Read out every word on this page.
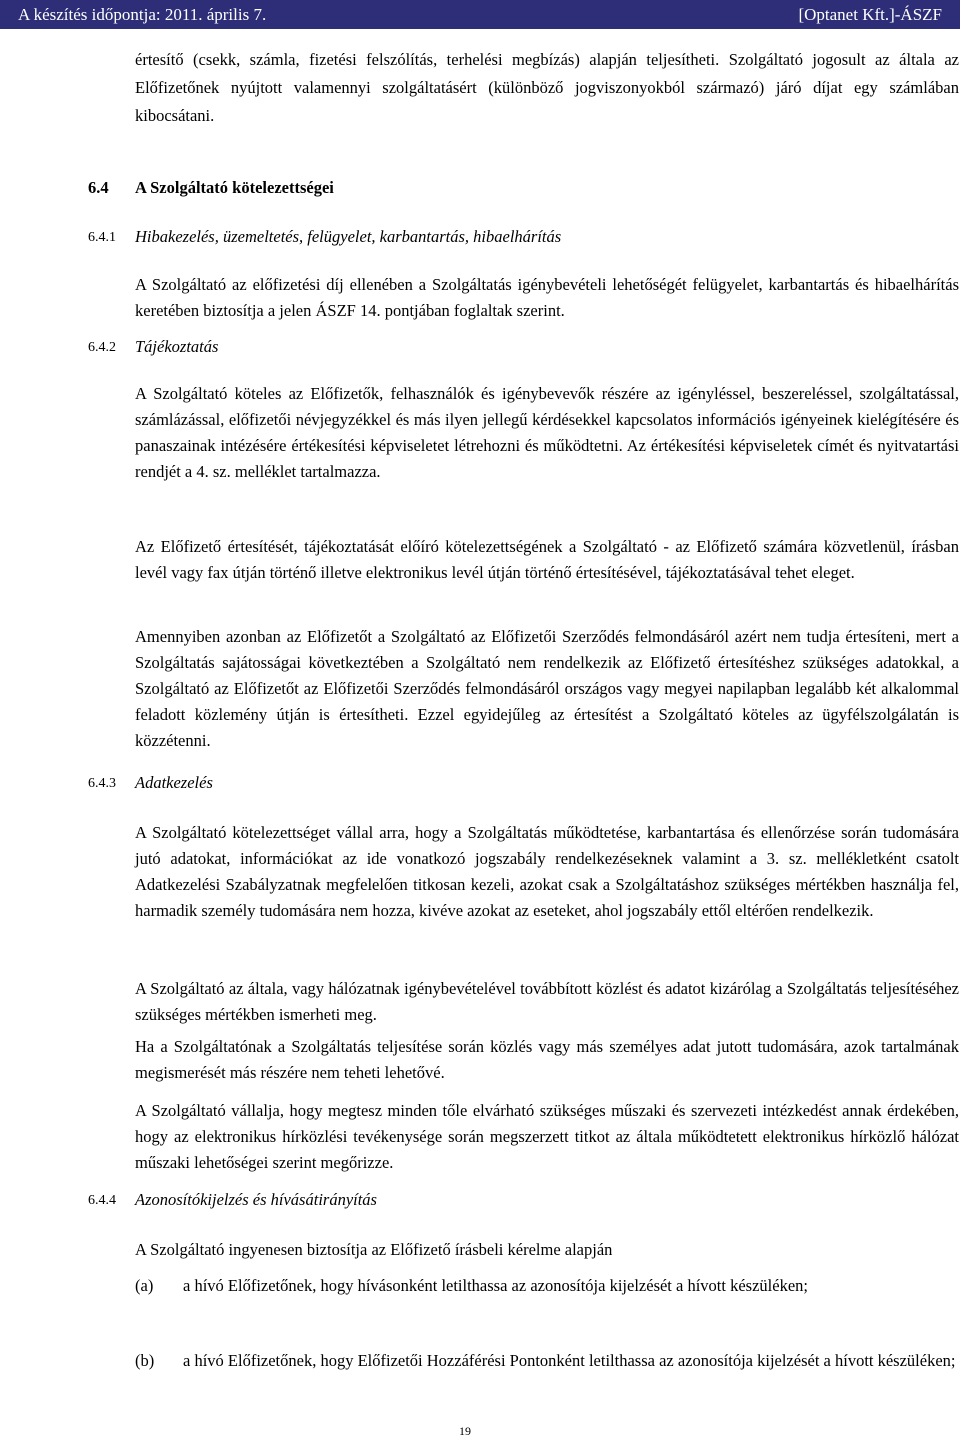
A készítés időpontja: 2011. április 7.	[Optanet Kft.]-ÁSZF

értesítő (csekk, számla, fizetési felszólítás, terhelési megbízás) alapján teljesítheti. Szolgáltató jogosult az általa az Előfizetőnek nyújtott valamennyi szolgáltatásért (különböző jogviszonyokból származó) járó díjat egy számlában kibocsátani.

6.4 A Szolgáltató kötelezettségei

6.4.1 Hibakezelés, üzemeltetés, felügyelet, karbantartás, hibaelhárítás

A Szolgáltató az előfizetési díj ellenében a Szolgáltatás igénybevételi lehetőségét felügyelet, karbantartás és hibaelhárítás keretében biztosítja a jelen ÁSZF 14. pontjában foglaltak szerint.

6.4.2 Tájékoztatás

A Szolgáltató köteles az Előfizetők, felhasználók és igénybevevők részére az igényléssel, beszereléssel, szolgáltatással, számlázással, előfizetői névjegyzékkel és más ilyen jellegű kérdésekkel kapcsolatos információs igényeinek kielégítésére és panaszainak intézésére értékesítési képviseletet létrehozni és működtetni. Az értékesítési képviseletek címét és nyitvatartási rendjét a 4. sz. melléklet tartalmazza.

Az Előfizető értesítését, tájékoztatását előíró kötelezettségének a Szolgáltató - az Előfizető számára közvetlenül, írásban levél vagy fax útján történő illetve elektronikus levél útján történő értesítésével, tájékoztatásával tehet eleget.

Amennyiben azonban az Előfizetőt a Szolgáltató az Előfizetői Szerződés felmondásáról azért nem tudja értesíteni, mert a Szolgáltatás sajátosságai következtében a Szolgáltató nem rendelkezik az Előfizető értesítéshez szükséges adatokkal, a Szolgáltató az Előfizetőt az Előfizetői Szerződés felmondásáról országos vagy megyei napilapban legalább két alkalommal feladott közlemény útján is értesítheti. Ezzel egyidejűleg az értesítést a Szolgáltató köteles az ügyfélszolgálatán is közzétenni.

6.4.3 Adatkezelés

A Szolgáltató kötelezettséget vállal arra, hogy a Szolgáltatás működtetése, karbantartása és ellenőrzése során tudomására jutó adatokat, információkat az ide vonatkozó jogszabály rendelkezéseknek valamint a 3. sz. mellékletként csatolt Adatkezelési Szabályzatnak megfelelően titkosan kezeli, azokat csak a Szolgáltatáshoz szükséges mértékben használja fel, harmadik személy tudomására nem hozza, kivéve azokat az eseteket, ahol jogszabály ettől eltérően rendelkezik.

A Szolgáltató az általa, vagy hálózatnak igénybevételével továbbított közlést és adatot kizárólag a Szolgáltatás teljesítéséhez szükséges mértékben ismerheti meg.

Ha a Szolgáltatónak a Szolgáltatás teljesítése során közlés vagy más személyes adat jutott tudomására, azok tartalmának megismerését más részére nem teheti lehetővé.

A Szolgáltató vállalja, hogy megtesz minden tőle elvárható szükséges műszaki és szervezeti intézkedést annak érdekében, hogy az elektronikus hírközlési tevékenysége során megszerzett titkot az általa működtetett elektronikus hírközlő hálózat műszaki lehetőségei szerint megőrizze.

6.4.4 Azonosítókijelzés és hívásátirányítás

A Szolgáltató ingyenesen biztosítja az Előfizető írásbeli kérelme alapján

(a) a hívó Előfizetőnek, hogy hívásonként letilthassa az azonosítója kijelzését a hívott készüléken;

(b) a hívó Előfizetőnek, hogy Előfizetői Hozzáférési Pontonként letilthassa az azonosítója kijelzését a hívott készüléken;

19
